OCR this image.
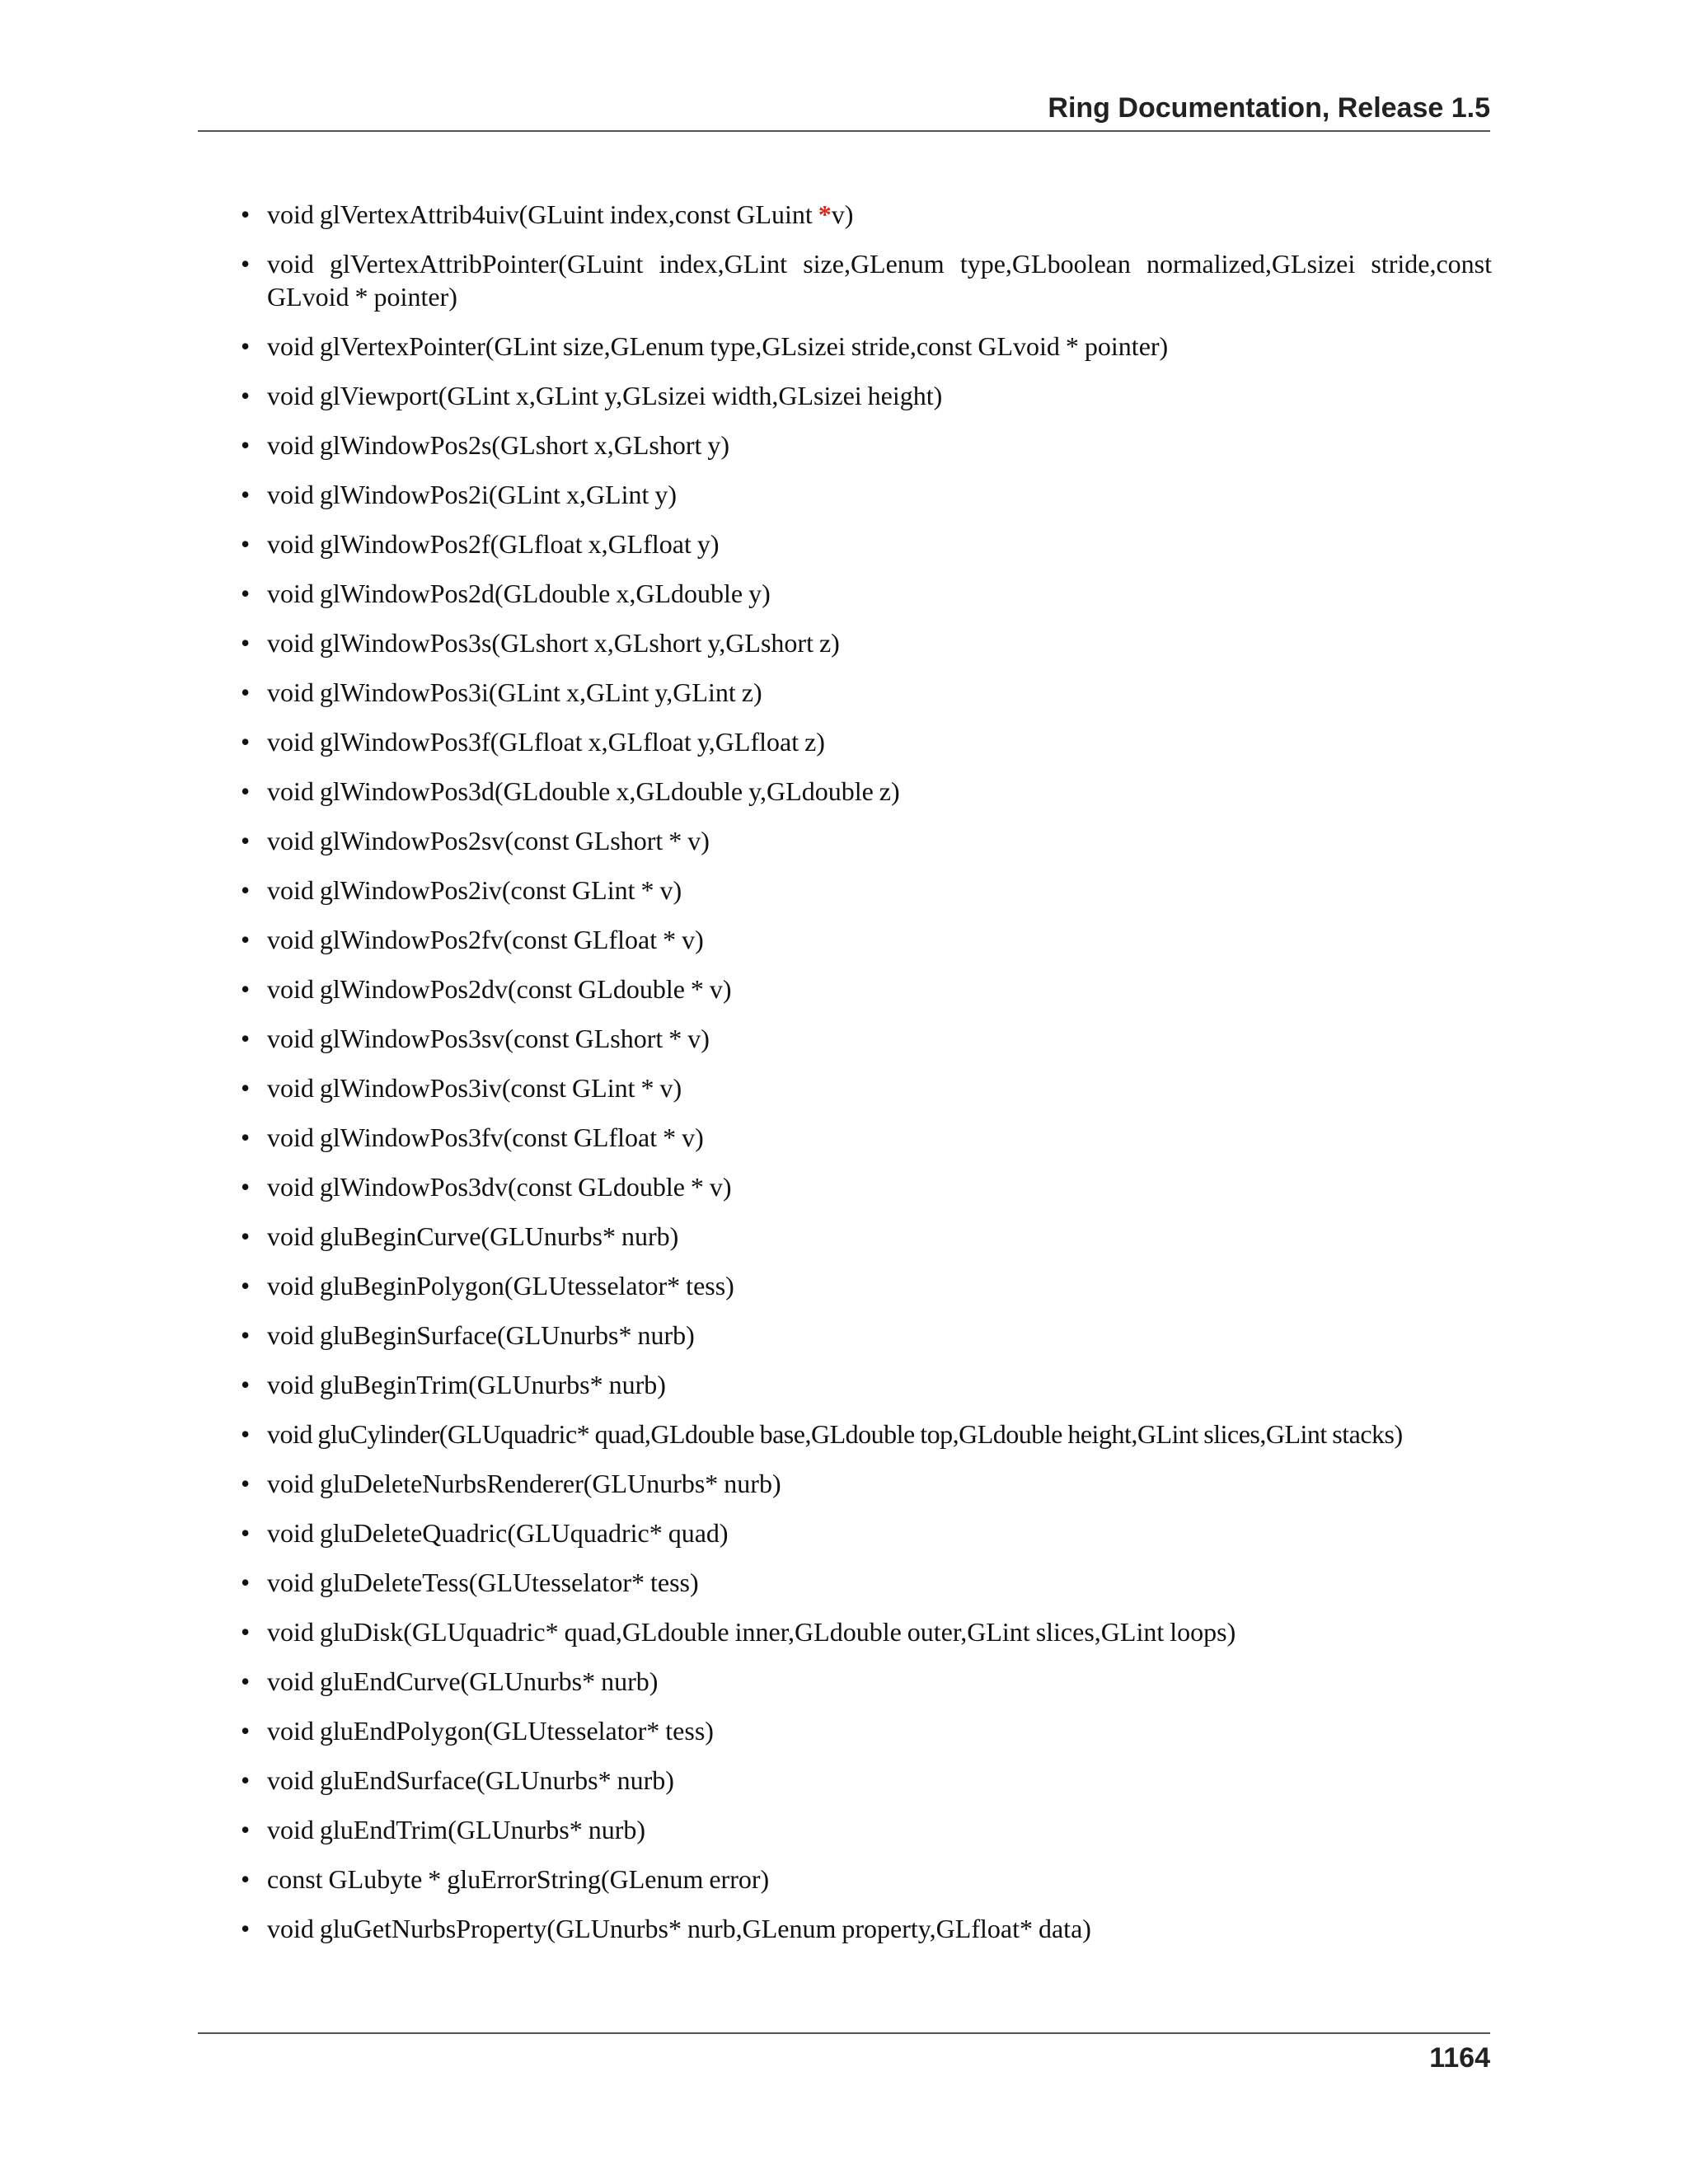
Ring Documentation, Release 1.5
• void glVertexAttrib4uiv(GLuint index,const GLuint *v)
• void glVertexAttribPointer(GLuint index,GLint size,GLenum type,GLboolean normalized,GLsizei stride,const GLvoid * pointer)
• void glVertexPointer(GLint size,GLenum type,GLsizei stride,const GLvoid * pointer)
• void glViewport(GLint x,GLint y,GLsizei width,GLsizei height)
• void glWindowPos2s(GLshort x,GLshort y)
• void glWindowPos2i(GLint x,GLint y)
• void glWindowPos2f(GLfloat x,GLfloat y)
• void glWindowPos2d(GLdouble x,GLdouble y)
• void glWindowPos3s(GLshort x,GLshort y,GLshort z)
• void glWindowPos3i(GLint x,GLint y,GLint z)
• void glWindowPos3f(GLfloat x,GLfloat y,GLfloat z)
• void glWindowPos3d(GLdouble x,GLdouble y,GLdouble z)
• void glWindowPos2sv(const GLshort * v)
• void glWindowPos2iv(const GLint * v)
• void glWindowPos2fv(const GLfloat * v)
• void glWindowPos2dv(const GLdouble * v)
• void glWindowPos3sv(const GLshort * v)
• void glWindowPos3iv(const GLint * v)
• void glWindowPos3fv(const GLfloat * v)
• void glWindowPos3dv(const GLdouble * v)
• void gluBeginCurve(GLUnurbs* nurb)
• void gluBeginPolygon(GLUtesselator* tess)
• void gluBeginSurface(GLUnurbs* nurb)
• void gluBeginTrim(GLUnurbs* nurb)
• void gluCylinder(GLUquadric* quad,GLdouble base,GLdouble top,GLdouble height,GLint slices,GLint stacks)
• void gluDeleteNurbsRenderer(GLUnurbs* nurb)
• void gluDeleteQuadric(GLUquadric* quad)
• void gluDeleteTess(GLUtesselator* tess)
• void gluDisk(GLUquadric* quad,GLdouble inner,GLdouble outer,GLint slices,GLint loops)
• void gluEndCurve(GLUnurbs* nurb)
• void gluEndPolygon(GLUtesselator* tess)
• void gluEndSurface(GLUnurbs* nurb)
• void gluEndTrim(GLUnurbs* nurb)
• const GLubyte * gluErrorString(GLenum error)
• void gluGetNurbsProperty(GLUnurbs* nurb,GLenum property,GLfloat* data)
1164
